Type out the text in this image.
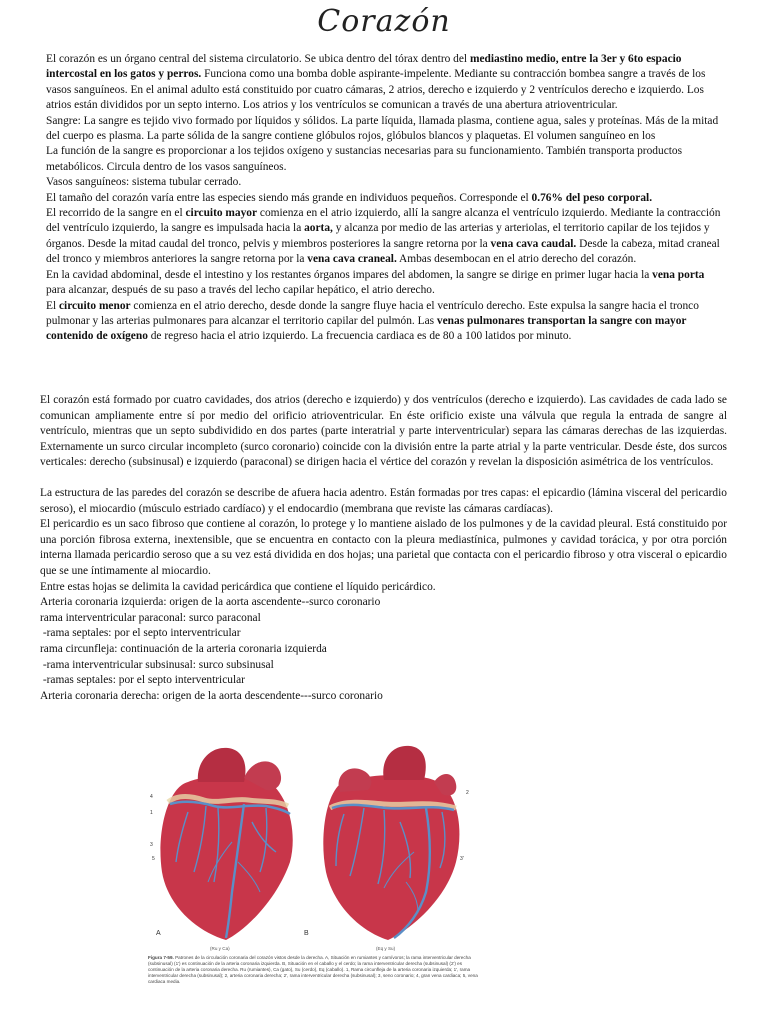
Corazón

El corazón es un órgano central del sistema circulatorio. Se ubica dentro del tórax dentro del mediastino medio, entre la 3er y 6to espacio intercostal en los gatos y perros. Funciona como una bomba doble aspirante-impelente. Mediante su contracción bombea sangre a través de los vasos sanguíneos. En el animal adulto está constituido por cuatro cámaras, 2 atrios, derecho e izquierdo y 2 ventrículos derecho e izquierdo. Los atrios están divididos por un septo interno. Los atrios y los ventrículos se comunican a través de una abertura atrioventricular.

Sangre: La sangre es tejido vivo formado por líquidos y sólidos. La parte líquida, llamada plasma, contiene agua, sales y proteínas. Más de la mitad del cuerpo es plasma. La parte sólida de la sangre contiene glóbulos rojos, glóbulos blancos y plaquetas. El volumen sanguíneo en los

La función de la sangre es proporcionar a los tejidos oxígeno y sustancias necesarias para su funcionamiento. También transporta productos metabólicos. Circula dentro de los vasos sanguíneos.

Vasos sanguíneos: sistema tubular cerrado.

El tamaño del corazón varía entre las especies siendo más grande en individuos pequeños. Corresponde el 0.76% del peso corporal.

El recorrido de la sangre en el circuito mayor comienza en el atrio izquierdo, allí la sangre alcanza el ventrículo izquierdo. Mediante la contracción del ventrículo izquierdo, la sangre es impulsada hacia la aorta, y alcanza por medio de las arterias y arteriolas, el territorio capilar de los tejidos y órganos. Desde la mitad caudal del tronco, pelvis y miembros posteriores la sangre retorna por la vena cava caudal. Desde la cabeza, mitad craneal del tronco y miembros anteriores la sangre retorna por la vena cava craneal. Ambas desembocan en el atrio derecho del corazón.

En la cavidad abdominal, desde el intestino y los restantes órganos impares del abdomen, la sangre se dirige en primer lugar hacia la vena porta para alcanzar, después de su paso a través del lecho capilar hepático, el atrio derecho.

El circuito menor comienza en el atrio derecho, desde donde la sangre fluye hacia el ventrículo derecho. Este expulsa la sangre hacia el tronco pulmonar y las arterias pulmonares para alcanzar el territorio capilar del pulmón. Las venas pulmonares transportan la sangre con mayor contenido de oxígeno de regreso hacia el atrio izquierdo. La frecuencia cardiaca es de 80 a 100 latidos por minuto.

El corazón está formado por cuatro cavidades, dos atrios (derecho e izquierdo) y dos ventrículos (derecho e izquierdo). Las cavidades de cada lado se comunican ampliamente entre sí por medio del orificio atrioventricular. En éste orificio existe una válvula que regula la entrada de sangre al ventrículo, mientras que un septo subdividido en dos partes (parte interatrial y parte interventricular) separa las cámaras derechas de las izquierdas. Externamente un surco circular incompleto (surco coronario) coincide con la división entre la parte atrial y la parte ventricular. Desde éste, dos surcos verticales: derecho (subsinusal) e izquierdo (paraconal) se dirigen hacia el vértice del corazón y revelan la disposición asimétrica de los ventrículos.

La estructura de las paredes del corazón se describe de afuera hacia adentro. Están formadas por tres capas: el epicardio (lámina visceral del pericardio seroso), el miocardio (músculo estriado cardíaco) y el endocardio (membrana que reviste las cámaras cardíacas).

El pericardio es un saco fibroso que contiene al corazón, lo protege y lo mantiene aislado de los pulmones y de la cavidad pleural. Está constituido por una porción fibrosa externa, inextensible, que se encuentra en contacto con la pleura mediastínica, pulmones y cavidad torácica, y por otra porción interna llamada pericardio seroso que a su vez está dividida en dos hojas; una parietal que contacta con el pericardio fibroso y otra visceral o epicardio que se une íntimamente al miocardio.

Entre estas hojas se delimita la cavidad pericárdica que contiene el líquido pericárdico.

Arteria coronaria izquierda: origen de la aorta ascendente--surco coronario

rama interventricular paraconal: surco paraconal

-rama septales: por el septo interventricular

rama circunfleja: continuación de la arteria coronaria izquierda

-rama interventricular subsinusal: surco subsinusal

-ramas septales: por el septo interventricular

Arteria coronaria derecha: origen de la aorta descendente---surco coronario

4
1
3
5
2
3'
(Ru y Ca)	(Eq y Su)
A	B
Figura 7-59. Patrones de la circulación coronaria del corazón vistos desde la derecha. A, Situación en rumiantes y carnívoros; la rama interventricular derecha (subsinusal) (1') es continuación de la arteria coronaria izquierda. B, Situación en el caballo y el cerdo; la rama interventricular derecha (subsinusal) (2') es continuación de la arteria coronaria derecha. Ru (rumiantes), Ca (gato), Su (cerdo), Eq (caballo). 1, Rama circunfleja de la arteria coronaria izquierda; 1', rama interventricular derecha (subsinusal); 2, arteria coronaria derecha; 2', rama interventricular derecha (subsinusal); 3, seno coronario; 4, gran vena cardiaca; 5, vena cardiaca media.
